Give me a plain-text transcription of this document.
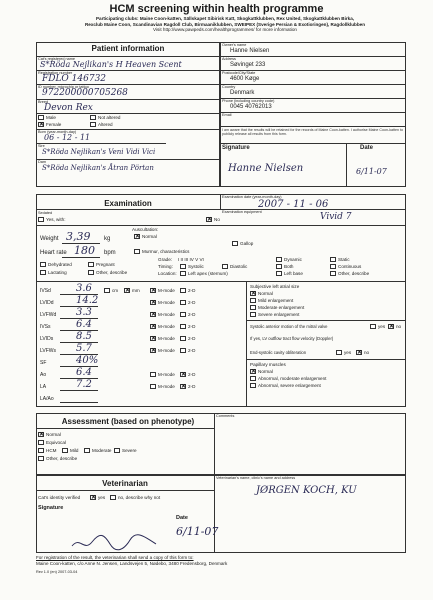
HCM screening within health programme
Participating clubs: Maine Coon-katten, Sällskapet Sibirisk Katt, Skogkattklubben, Rex United, Skogkattklubben Birka,
Rexclub Maine Coon, Scandinavian Ragdoll Club, Birmaaniklubben, SWEIPEX (Sverige Persian & Exotioringen), Ragdollklubben
Visit http://www.pawpeds.com/healthprogrammes/ for more information
Patient information
Cat's registered name
S*Röda Nejlikan's H Heaven Scent
Registration number
FDLO 146732
ID number, microchip or tattoo
972200000705268
Breed
Devon Rex
Male	Not altered
✕ Female	Altered
Born (year-month-day)
06 - 12 - 11
Sire
S*Röda Nejlikan's Veni Vidi Vici
Dam
S*Röda Nejlikan's Åtran Pörtan
Owner's name
Hanne Nielsen
Address
Søvinget 233
Postcode/City/State
4600 Køge
Country
Denmark
Phone (including country code)
0045 40762013
Email
I am aware that the results will be retained for the records of Maine Coon-katten. I authorise Maine Coon-katten to publicly release all results from this form.
Signature	Date
Hanne Nielsen	6/11-07
Examination
Examination date (year-month-day)
2007 - 11 - 06
Examination equipment	Vivid 7
Sedated
Yes, with:	✕ No
Weight 3,39 kg
Heart rate 180 bpm
Dehydrated	Pregnant
Lactating	Other, describe
Auscultation:
✕ Normal
Gallop
Murmur, characteristics
Grade: I II III IV V VI	Dynamic	Static
Timing:	Systolic	Diastolic	Both	Continuous
Location: Left apex (sternum)	Left base	Other, describe
IVSd	3.6	cm ✕ mm ✕ M-mode	2-D
LVIDd 14.2	✕ M-mode	2-D
LVFWd 3.3	✕ M-mode	2-D
IVSs	6.4	✕ M-mode	2-D
LVIDs 8.5	✕ M-mode	2-D
LVFWs 5.7	✕ M-mode	2-D
SF	40%
Ao	6.4	M-mode ✕ 2-D
LA	7.2	M-mode ✕ 2-D
LA/Ao
Subjective left atrial size
✕ Normal
Mild enlargement
Moderate enlargement
Severe enlargement
Systolic anterior motion of the mitral valve	yes ✕ no
If yes, LV outflow tract flow velocity (Doppler)
End-systolic cavity obliteration	yes ✕ no
Papillary muscles
✕ Normal
Abnormal, moderate enlargement
Abnormal, severe enlargement
Assessment (based on phenotype)
Comments
✕ Normal
Equivocal
HCM	Mild	Moderate Severe
Other, describe
Veterinarian
Cat's identity verified ✕ yes	no, describe why not
Signature
Date
6/11-07
Veterinarian's name, clinic's name and address
JØRGEN KOCH, KU
For registration of the result, the veterinarian shall send a copy of this form to:
Maine Coon-katten, c/o Anne N. Jensen, Landsvejen 5, Nødebo, 3480 Fredensborg, Denmark
Rev 1.0 (en) 2007-03-04
